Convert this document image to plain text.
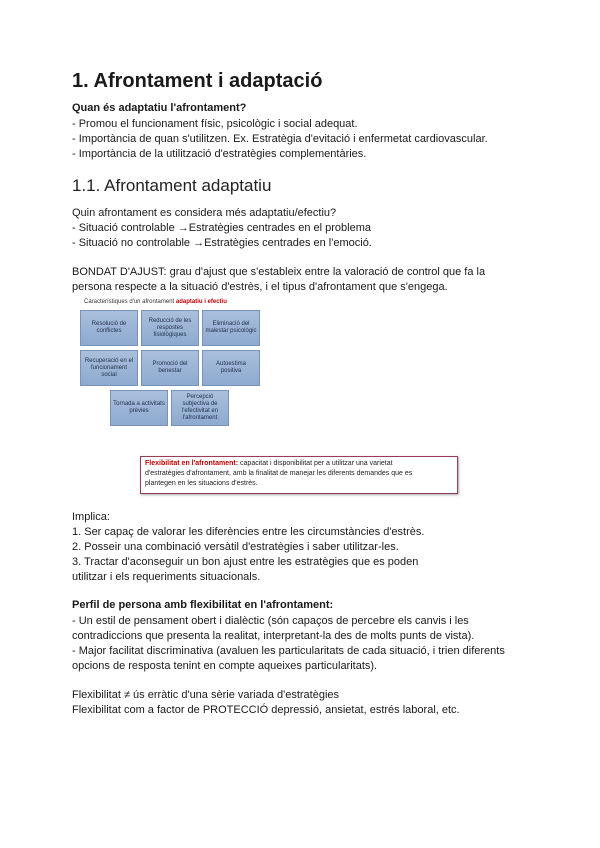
1. Afrontament i adaptació
Quan és adaptatiu l'afrontament?
- Promou el funcionament físic, psicològic i social adequat.
- Importància de quan s'utilitzen. Ex. Estratègia d'evitació i enfermetat cardiovascular.
- Importància de la utilització d'estratègies complementàries.
1.1. Afrontament adaptatiu
Quin afrontament es considera més adaptatiu/efectiu?
- Situació controlable →Estratègies centrades en el problema
- Situació no controlable →Estratègies centrades en l'emoció.
BONDAT D'AJUST: grau d'ajust que s'estableix entre la valoració de control que fa la
persona respecte a la situació d'estrès, i el tipus d'afrontament que s'engega.
Característiques d'un afrontament adaptatiu i efectiu
Resolució de conflictes
Reducció de les respostes fisiològiques
Eliminació del malestar psicològic
Recuperació en el funcionament social
Promoció del benestar
Autoestima positiva
Tornada a activitats prèvies
Percepció subjectiva de l'efectivitat en l'afrontament
Flexibilitat en l'afrontament: capacitat i disponibilitat per a utilitzar una varietat
d'estratègies d'afrontament, amb la finalitat de manejar les diferents demandes que es
plantegen en les situacions d'estrès.
Implica:
1. Ser capaç de valorar les diferències entre les circumstàncies d'estrès.
2. Posseir una combinació versàtil d'estratègies i saber utilitzar-les.
3. Tractar d'aconseguir un bon ajust entre les estratègies que es poden
utilitzar i els requeriments situacionals.
Perfil de persona amb flexibilitat en l'afrontament:
- Un estil de pensament obert i dialèctic (són capaços de percebre els canvis i les
contradiccions que presenta la realitat, interpretant-la des de molts punts de vista).
- Major facilitat discriminativa (avaluen les particularitats de cada situació, i trien diferents
opcions de resposta tenint en compte aqueixes particularitats).
Flexibilitat ≠ ús erràtic d'una sèrie variada d'estratègies
Flexibilitat com a factor de PROTECCIÓ depressió, ansietat, estrés laboral, etc.
